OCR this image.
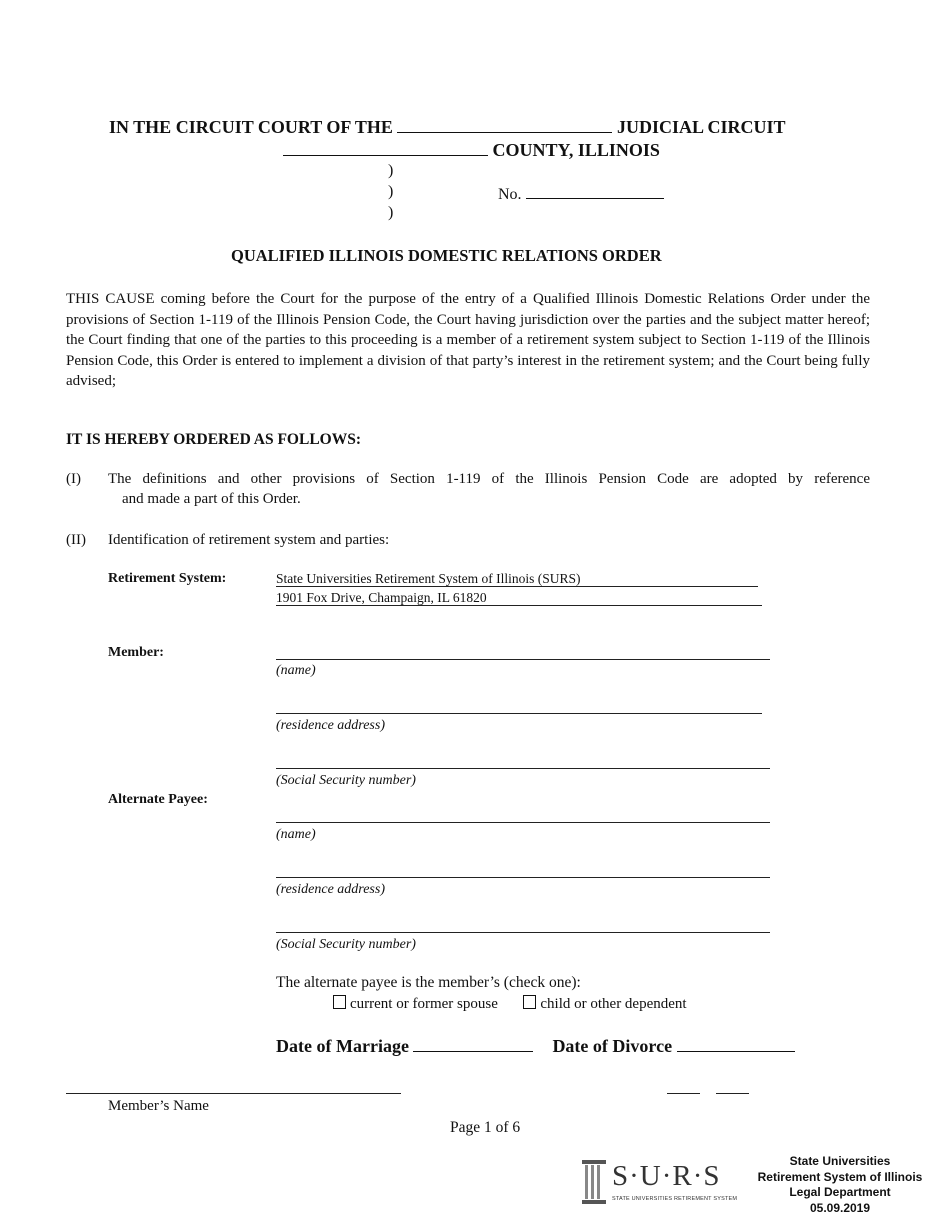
IN THE CIRCUIT COURT OF THE	JUDICIAL CIRCUIT
COUNTY, ILLINOIS
)
)
)
No.
QUALIFIED ILLINOIS DOMESTIC RELATIONS ORDER
THIS CAUSE coming before the Court for the purpose of the entry of a Qualified Illinois Domestic Relations Order under the provisions of Section 1-119 of the Illinois Pension Code, the Court having jurisdiction over the parties and the subject matter hereof; the Court finding that one of the parties to this proceeding is a member of a retirement system subject to Section 1-119 of the Illinois Pension Code, this Order is entered to implement a division of that party’s interest in the retirement system; and the Court being fully advised;
IT IS HEREBY ORDERED AS FOLLOWS:
(I) The definitions and other provisions of Section 1-119 of the Illinois Pension Code are adopted by reference
and made a part of this Order.
(II) Identification of retirement system and parties:
Retirement System:	State Universities Retirement System of Illinois (SURS)
1901 Fox Drive, Champaign, IL 61820
Member:
(name)
(residence address)
(Social Security number)
Alternate Payee:
(name)
(residence address)
(Social Security number)
The alternate payee is the member’s (check one):
current or former spouse	child or other dependent
Date of Marriage	Date of Divorce
Member’s Name
Page 1 of 6
S·U·R·S
STATE UNIVERSITIES RETIREMENT SYSTEM
State Universities
Retirement System of Illinois
Legal Department
05.09.2019
